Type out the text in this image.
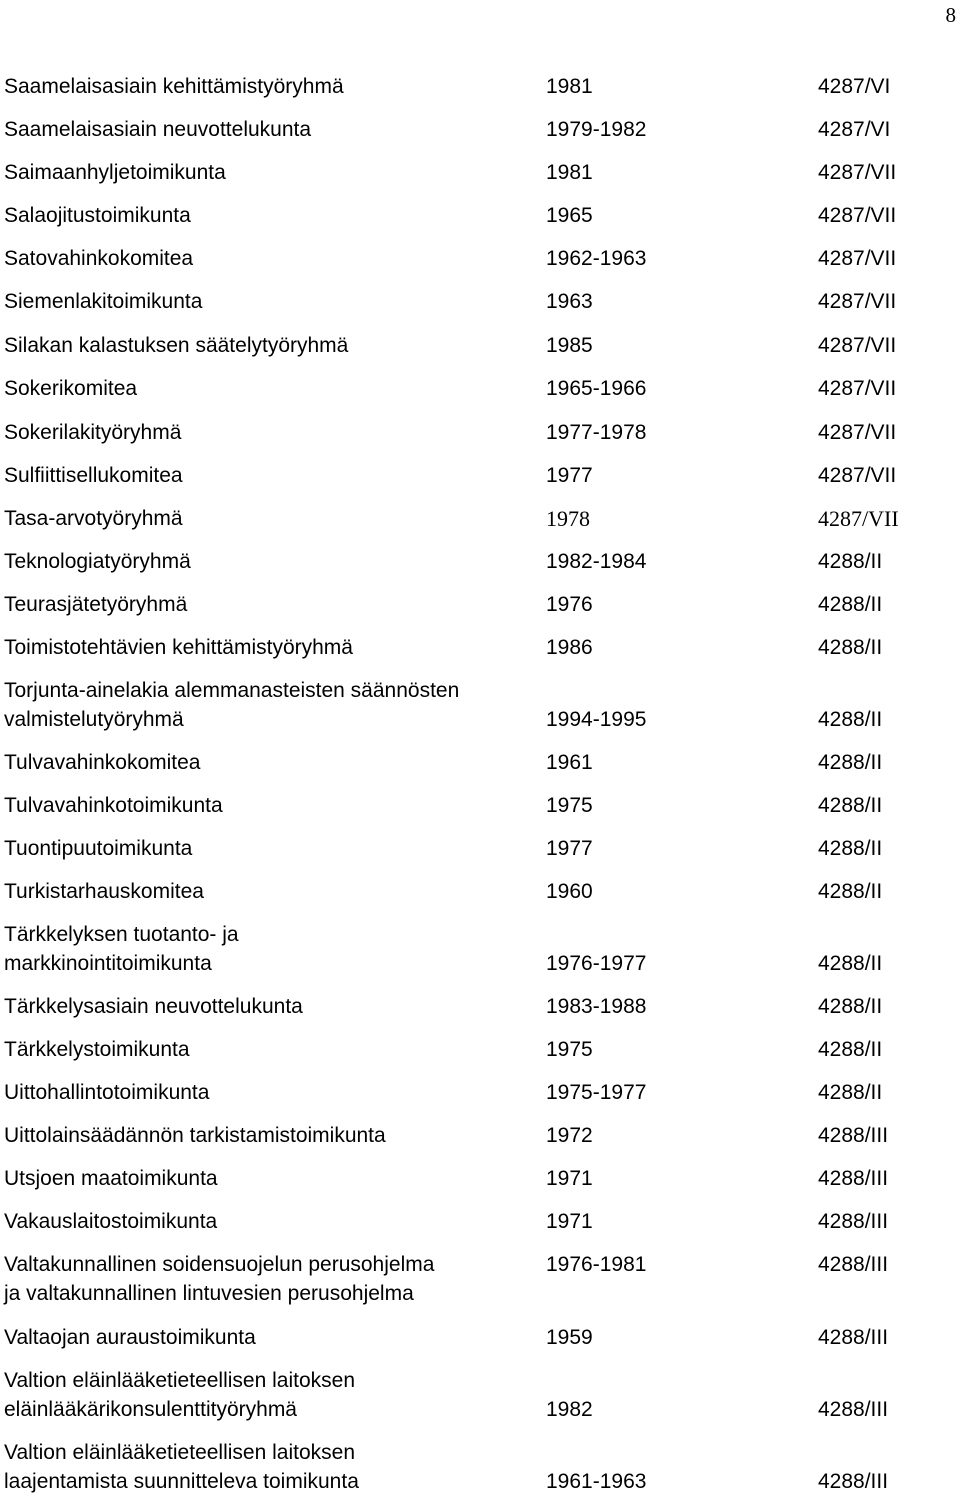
8
Saamelaisasiain kehittämistyöryhmä	1981	4287/VI
Saamelaisasiain neuvottelukunta	1979-1982	4287/VI
Saimaanhyljetoimikunta	1981	4287/VII
Salaojitustoimikunta	1965	4287/VII
Satovahinkokomitea	1962-1963	4287/VII
Siemenlakitoimikunta	1963	4287/VII
Silakan kalastuksen säätelytyöryhmä	1985	4287/VII
Sokerikomitea	1965-1966	4287/VII
Sokerilakityöryhmä	1977-1978	4287/VII
Sulfiittisellukomitea	1977	4287/VII
Tasa-arvotyöryhmä	1978	4287/VII
Teknologiatyöryhmä	1982-1984	4288/II
Teurasjätetyöryhmä	1976	4288/II
Toimistotehtävien kehittämistyöryhmä	1986	4288/II
Torjunta-ainelakia alemmanasteisten säännösten
valmistelutyöryhmä	1994-1995	4288/II
Tulvavahinkokomitea	1961	4288/II
Tulvavahinkotoimikunta	1975	4288/II
Tuontipuutoimikunta	1977	4288/II
Turkistarhauskomitea	1960	4288/II
Tärkkelyksen tuotanto- ja
markkinointitoimikunta	1976-1977	4288/II
Tärkkelysasiain neuvottelukunta	1983-1988	4288/II
Tärkkelystoimikunta	1975	4288/II
Uittohallintotoimikunta	1975-1977	4288/II
Uittolainsäädännön tarkistamistoimikunta	1972	4288/III
Utsjoen maatoimikunta	1971	4288/III
Vakauslaitostoimikunta	1971	4288/III
Valtakunnallinen soidensuojelun perusohjelma
ja valtakunnallinen lintuvesien perusohjelma
1976-1981	4288/III
Valtaojan auraustoimikunta	1959	4288/III
Valtion eläinlääketieteellisen laitoksen
eläinlääkärikonsulenttityöryhmä	1982	4288/III
Valtion eläinlääketieteellisen laitoksen
laajentamista suunnitteleva toimikunta	1961-1963	4288/III
